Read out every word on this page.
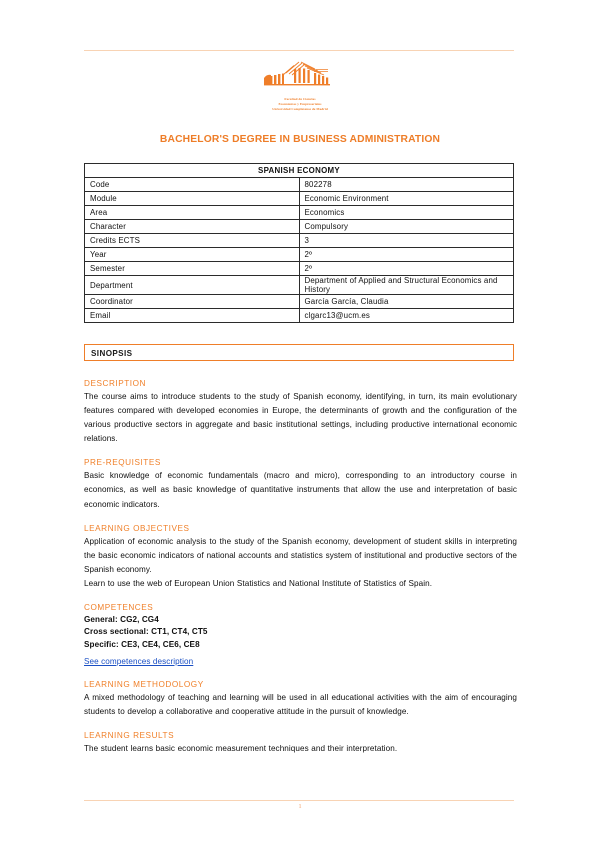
Facultad de Ciencias
Económicas y Empresariales
Universidad Complutense de Madrid
BACHELOR'S DEGREE IN BUSINESS ADMINISTRATION
SPANISH ECONOMY	
Code	802278
Module	Economic Environment
Area	Economics
Character	Compulsory
Credits ECTS	3
Year	2º
Semester	2º
Department	Department of Applied and Structural Economics and History
Coordinator	García García, Claudia
Email	clgarc13@ucm.es
SINOPSIS
DESCRIPTION

The course aims to introduce students to the study of Spanish economy, identifying, in turn, its main evolutionary features compared with developed economies in Europe, the determinants of growth and the configuration of the various productive sectors in aggregate and basic institutional settings, including productive international economic relations.

PRE-REQUISITES

Basic knowledge of economic fundamentals (macro and micro), corresponding to an introductory course in economics, as well as basic knowledge of quantitative instruments that allow the use and interpretation of basic economic indicators.

LEARNING OBJECTIVES

Application of economic analysis to the study of the Spanish economy, development of student skills in interpreting the basic economic indicators of national accounts and statistics system of institutional and productive sectors of the Spanish economy.

Learn to use the web of European Union Statistics and National Institute of Statistics of Spain.

COMPETENCES
General: CG2, CG4
Cross sectional: CT1, CT4, CT5
Specific: CE3, CE4, CE6, CE8
See competences description
LEARNING METHODOLOGY

A mixed methodology of teaching and learning will be used in all educational activities with the aim of encouraging students to develop a collaborative and cooperative attitude in the pursuit of knowledge.

LEARNING RESULTS

The student learns basic economic measurement techniques and their interpretation.

1
